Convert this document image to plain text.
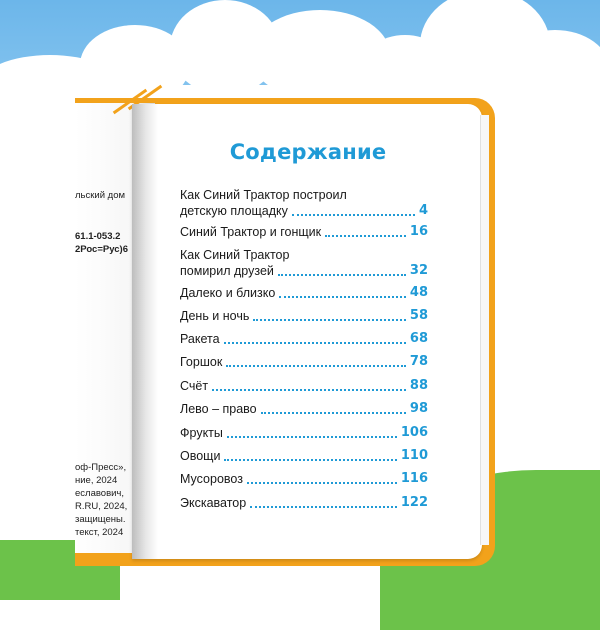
льский дом
61.1-053.2
2Рос=Рус)6
оф-Пресс»,
ние, 2024
еславович,
R.RU, 2024,
защищены.
текст, 2024
Содержание
Как Синий Трактор построил
детскую площадку	4
Синий Трактор и гонщик	16
Как Синий Трактор
помирил друзей	32
Далеко и близко	48
День и ночь	58
Ракета	68
Горшок	78
Счёт	88
Лево – право	98
Фрукты	106
Овощи	110
Мусоровоз	116
Экскаватор	122
